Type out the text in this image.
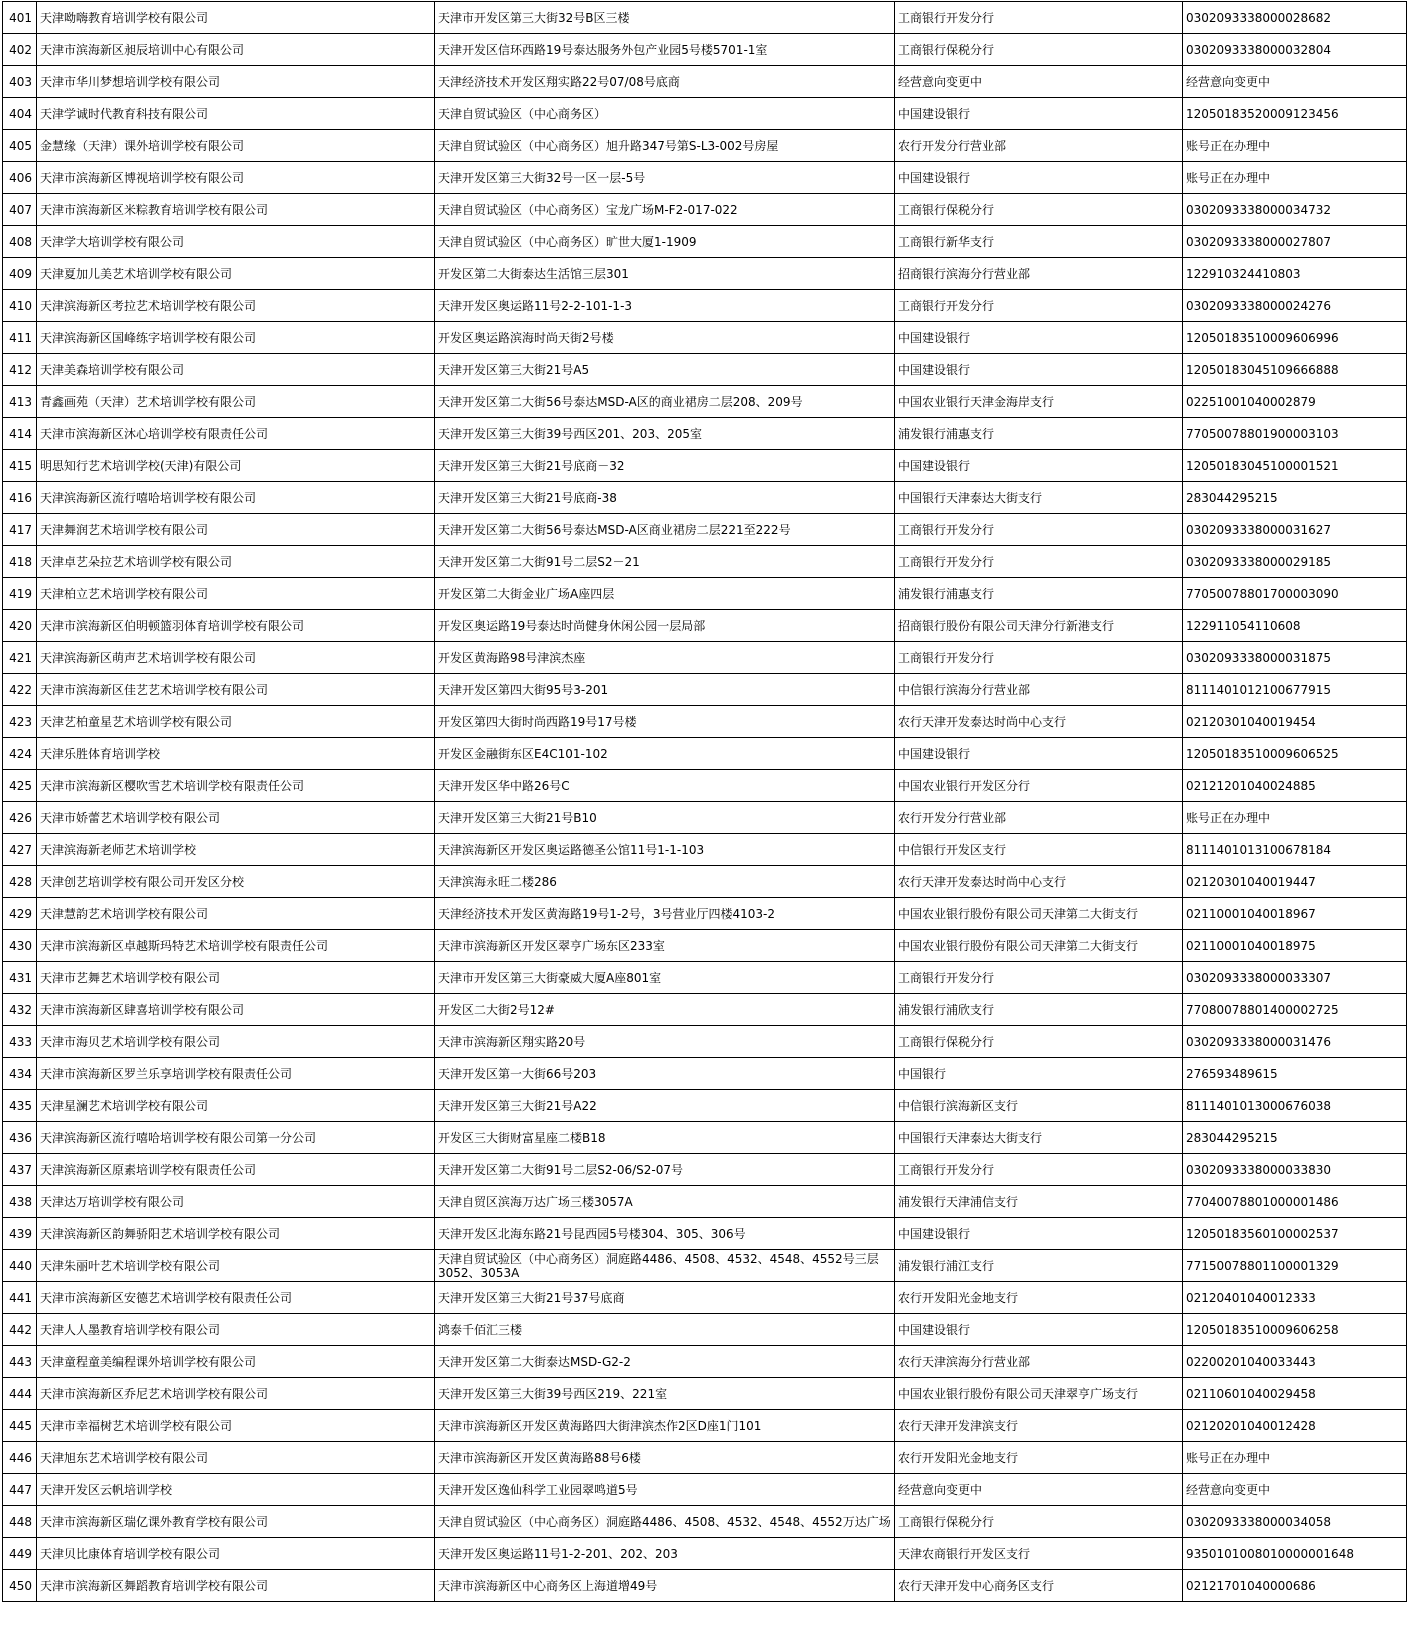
401	天津呦嗨教育培训学校有限公司	天津市开发区第三大街32号B区三楼	工商银行开发分行	0302093338000028682
402	天津市滨海新区昶辰培训中心有限公司	天津开发区信环西路19号泰达服务外包产业园5号楼5701-1室	工商银行保税分行	0302093338000032804
403	天津市华川梦想培训学校有限公司	天津经济技术开发区翔实路22号07/08号底商	经营意向变更中	经营意向变更中
404	天津学诚时代教育科技有限公司	天津自贸试验区（中心商务区）	中国建设银行	12050183520009123456
405	金慧缘（天津）课外培训学校有限公司	天津自贸试验区（中心商务区）旭升路347号第S-L3-002号房屋	农行开发分行营业部	账号正在办理中
406	天津市滨海新区博视培训学校有限公司	天津开发区第三大街32号一区一层-5号	中国建设银行	账号正在办理中
407	天津市滨海新区米粽教育培训学校有限公司	天津自贸试验区（中心商务区）宝龙广场M-F2-017-022	工商银行保税分行	0302093338000034732
408	天津学大培训学校有限公司	天津自贸试验区（中心商务区）旷世大厦1-1909	工商银行新华支行	0302093338000027807
409	天津夏加儿美艺术培训学校有限公司	开发区第二大街泰达生活馆三层301	招商银行滨海分行营业部	122910324410803
410	天津滨海新区考拉艺术培训学校有限公司	天津开发区奥运路11号2-2-101-1-3	工商银行开发分行	0302093338000024276
411	天津滨海新区国峰练字培训学校有限公司	开发区奥运路滨海时尚天街2号楼	中国建设银行	12050183510009606996
412	天津美森培训学校有限公司	天津开发区第三大街21号A5	中国建设银行	12050183045109666888
413	青鑫画苑（天津）艺术培训学校有限公司	天津开发区第二大街56号泰达MSD-A区的商业裙房二层208、209号	中国农业银行天津金海岸支行	02251001040002879
414	天津市滨海新区沐心培训学校有限责任公司	天津开发区第三大街39号西区201、203、205室	浦发银行浦惠支行	77050078801900003103
415	明思知行艺术培训学校(天津)有限公司	天津开发区第三大街21号底商－32	中国建设银行	12050183045100001521
416	天津滨海新区流行嘻哈培训学校有限公司	天津开发区第三大街21号底商-38	中国银行天津泰达大街支行	283044295215
417	天津舞润艺术培训学校有限公司	天津开发区第二大街56号泰达MSD-A区商业裙房二层221至222号	工商银行开发分行	0302093338000031627
418	天津卓艺朵拉艺术培训学校有限公司	天津开发区第二大街91号二层S2－21	工商银行开发分行	0302093338000029185
419	天津柏立艺术培训学校有限公司	开发区第二大街金业广场A座四层	浦发银行浦惠支行	77050078801700003090
420	天津市滨海新区伯明顿篮羽体育培训学校有限公司	开发区奥运路19号泰达时尚健身休闲公园一层局部	招商银行股份有限公司天津分行新港支行	122911054110608
421	天津滨海新区萌声艺术培训学校有限公司	开发区黄海路98号津滨杰座	工商银行开发分行	0302093338000031875
422	天津市滨海新区佳艺艺术培训学校有限公司	天津开发区第四大街95号3-201	中信银行滨海分行营业部	8111401012100677915
423	天津艺柏童星艺术培训学校有限公司	开发区第四大街时尚西路19号17号楼	农行天津开发泰达时尚中心支行	02120301040019454
424	天津乐胜体育培训学校	开发区金融街东区E4C101-102	中国建设银行	12050183510009606525
425	天津市滨海新区樱吹雪艺术培训学校有限责任公司	天津开发区华中路26号C	中国农业银行开发区分行	02121201040024885
426	天津市娇蕾艺术培训学校有限公司	天津开发区第三大街21号B10	农行开发分行营业部	账号正在办理中
427	天津滨海新老师艺术培训学校	天津滨海新区开发区奥运路德圣公馆11号1-1-103	中信银行开发区支行	8111401013100678184
428	天津创艺培训学校有限公司开发区分校	天津滨海永旺二楼286	农行天津开发泰达时尚中心支行	02120301040019447
429	天津慧韵艺术培训学校有限公司	天津经济技术开发区黄海路19号1-2号，3号营业厅四楼4103-2	中国农业银行股份有限公司天津第二大街支行	02110001040018967
430	天津市滨海新区卓越斯玛特艺术培训学校有限责任公司	天津市滨海新区开发区翠亨广场东区233室	中国农业银行股份有限公司天津第二大街支行	02110001040018975
431	天津市艺舞艺术培训学校有限公司	天津市开发区第三大街豪威大厦A座801室	工商银行开发分行	0302093338000033307
432	天津市滨海新区肆喜培训学校有限公司	开发区二大街2号12#	浦发银行浦欣支行	77080078801400002725
433	天津市海贝艺术培训学校有限公司	天津市滨海新区翔实路20号	工商银行保税分行	0302093338000031476
434	天津市滨海新区罗兰乐享培训学校有限责任公司	天津开发区第一大街66号203	中国银行	276593489615
435	天津星澜艺术培训学校有限公司	天津开发区第三大街21号A22	中信银行滨海新区支行	8111401013000676038
436	天津滨海新区流行嘻哈培训学校有限公司第一分公司	开发区三大街财富星座二楼B18	中国银行天津泰达大街支行	283044295215
437	天津滨海新区原素培训学校有限责任公司	天津开发区第二大街91号二层S2-06/S2-07号	工商银行开发分行	0302093338000033830
438	天津达万培训学校有限公司	天津自贸区滨海万达广场三楼3057A	浦发银行天津浦信支行	77040078801000001486
439	天津滨海新区韵舞骄阳艺术培训学校有限公司	天津开发区北海东路21号昆西园5号楼304、305、306号	中国建设银行	12050183560100002537
440	天津朱丽叶艺术培训学校有限公司	天津自贸试验区（中心商务区）洞庭路4486、4508、4532、4548、4552号三层3052、3053A	浦发银行浦江支行	77150078801100001329
441	天津市滨海新区安德艺术培训学校有限责任公司	天津开发区第三大街21号37号底商	农行开发阳光金地支行	02120401040012333
442	天津人人墨教育培训学校有限公司	鸿泰千佰汇三楼	中国建设银行	12050183510009606258
443	天津童程童美编程课外培训学校有限公司	天津开发区第二大街泰达MSD-G2-2	农行天津滨海分行营业部	02200201040033443
444	天津市滨海新区乔尼艺术培训学校有限公司	天津开发区第三大街39号西区219、221室	中国农业银行股份有限公司天津翠亨广场支行	02110601040029458
445	天津市幸福树艺术培训学校有限公司	天津市滨海新区开发区黄海路四大街津滨杰作2区D座1门101	农行天津开发津滨支行	02120201040012428
446	天津旭东艺术培训学校有限公司	天津市滨海新区开发区黄海路88号6楼	农行开发阳光金地支行	账号正在办理中
447	天津开发区云帆培训学校	天津开发区逸仙科学工业园翠鸣道5号	经营意向变更中	经营意向变更中
448	天津市滨海新区瑞亿课外教育学校有限公司	天津自贸试验区（中心商务区）洞庭路4486、4508、4532、4548、4552万达广场	工商银行保税分行	0302093338000034058
449	天津贝比康体育培训学校有限公司	天津开发区奥运路11号1-2-201、202、203	天津农商银行开发区支行	9350101008010000001648
450	天津市滨海新区舞蹈教育培训学校有限公司	天津市滨海新区中心商务区上海道增49号	农行天津开发中心商务区支行	02121701040000686
